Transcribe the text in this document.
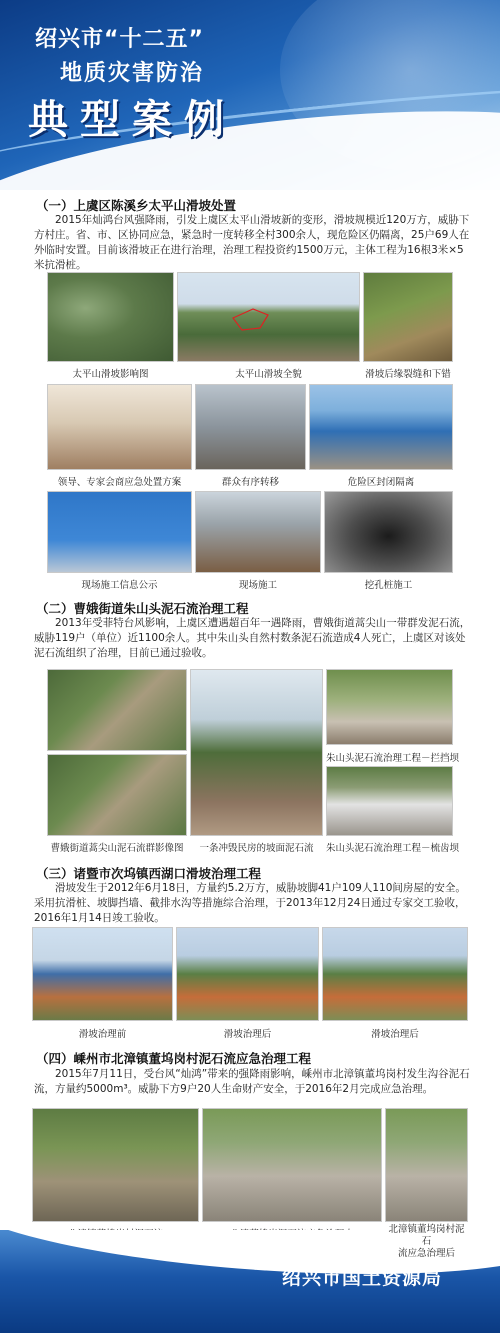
绍兴市“十二五”
地质灾害防治
典型案例
（一）上虞区陈溪乡太平山滑坡处置
2015年灿鸿台风强降雨，引发上虞区太平山滑坡新的变形，滑坡规模近120万方，威胁下方村庄。省、市、区协同应急，紧急时一度转移全村300余人，现危险区仍隔离，25户69人在外临时安置。目前该滑坡正在进行治理，治理工程投资约1500万元，主体工程为16根3米×5米抗滑桩。
太平山滑坡影响图	太平山滑坡全貌	滑坡后缘裂缝和下错
领导、专家会商应急处置方案	群众有序转移	危险区封闭隔离
现场施工信息公示	现场施工	挖孔桩施工
（二）曹娥街道朱山头泥石流治理工程
2013年受菲特台风影响，上虞区遭遇超百年一遇降雨，曹娥街道蒿尖山一带群发泥石流，威胁119户（单位）近1100余人。其中朱山头自然村数条泥石流造成4人死亡，上虞区对该处泥石流组织了治理，目前已通过验收。
朱山头泥石流治理工程－拦挡坝
曹娥街道蒿尖山泥石流群影像图	一条冲毁民房的坡面泥石流	朱山头泥石流治理工程－梳齿坝
（三）诸暨市次坞镇西湖口滑坡治理工程
滑坡发生于2012年6月18日，方量约5.2万方，威胁坡脚41户109人110间房屋的安全。采用抗滑桩、坡脚挡墙、截排水沟等措施综合治理，于2013年12月24日通过专家交工验收，2016年1月14日竣工验收。
滑坡治理前	滑坡治理后	滑坡治理后
（四）嵊州市北漳镇董坞岗村泥石流应急治理工程
2015年7月11日，受台风“灿鸿”带来的强降雨影响，嵊州市北漳镇董坞岗村发生沟谷泥石流，方量约5000m³。威胁下方9户20人生命财产安全，于2016年2月完成应急治理。
北漳镇董坞岗村泥石
流应急治理后
绍兴市国土资源局
